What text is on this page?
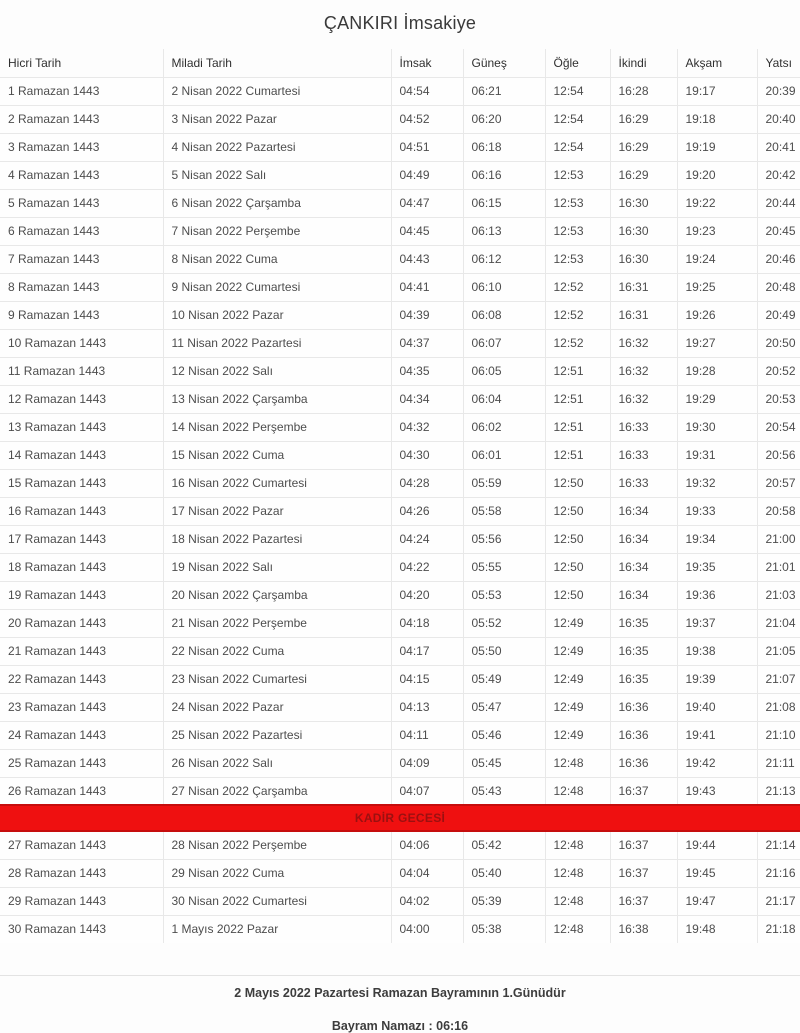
ÇANKIRI İmsakiye
Hicri Tarih	Miladi Tarih	İmsak	Güneş	Öğle	İkindi	Akşam	Yatsı
1 Ramazan 1443	2 Nisan 2022 Cumartesi	04:54	06:21	12:54	16:28	19:17	20:39
2 Ramazan 1443	3 Nisan 2022 Pazar	04:52	06:20	12:54	16:29	19:18	20:40
3 Ramazan 1443	4 Nisan 2022 Pazartesi	04:51	06:18	12:54	16:29	19:19	20:41
4 Ramazan 1443	5 Nisan 2022 Salı	04:49	06:16	12:53	16:29	19:20	20:42
5 Ramazan 1443	6 Nisan 2022 Çarşamba	04:47	06:15	12:53	16:30	19:22	20:44
6 Ramazan 1443	7 Nisan 2022 Perşembe	04:45	06:13	12:53	16:30	19:23	20:45
7 Ramazan 1443	8 Nisan 2022 Cuma	04:43	06:12	12:53	16:30	19:24	20:46
8 Ramazan 1443	9 Nisan 2022 Cumartesi	04:41	06:10	12:52	16:31	19:25	20:48
9 Ramazan 1443	10 Nisan 2022 Pazar	04:39	06:08	12:52	16:31	19:26	20:49
10 Ramazan 1443	11 Nisan 2022 Pazartesi	04:37	06:07	12:52	16:32	19:27	20:50
11 Ramazan 1443	12 Nisan 2022 Salı	04:35	06:05	12:51	16:32	19:28	20:52
12 Ramazan 1443	13 Nisan 2022 Çarşamba	04:34	06:04	12:51	16:32	19:29	20:53
13 Ramazan 1443	14 Nisan 2022 Perşembe	04:32	06:02	12:51	16:33	19:30	20:54
14 Ramazan 1443	15 Nisan 2022 Cuma	04:30	06:01	12:51	16:33	19:31	20:56
15 Ramazan 1443	16 Nisan 2022 Cumartesi	04:28	05:59	12:50	16:33	19:32	20:57
16 Ramazan 1443	17 Nisan 2022 Pazar	04:26	05:58	12:50	16:34	19:33	20:58
17 Ramazan 1443	18 Nisan 2022 Pazartesi	04:24	05:56	12:50	16:34	19:34	21:00
18 Ramazan 1443	19 Nisan 2022 Salı	04:22	05:55	12:50	16:34	19:35	21:01
19 Ramazan 1443	20 Nisan 2022 Çarşamba	04:20	05:53	12:50	16:34	19:36	21:03
20 Ramazan 1443	21 Nisan 2022 Perşembe	04:18	05:52	12:49	16:35	19:37	21:04
21 Ramazan 1443	22 Nisan 2022 Cuma	04:17	05:50	12:49	16:35	19:38	21:05
22 Ramazan 1443	23 Nisan 2022 Cumartesi	04:15	05:49	12:49	16:35	19:39	21:07
23 Ramazan 1443	24 Nisan 2022 Pazar	04:13	05:47	12:49	16:36	19:40	21:08
24 Ramazan 1443	25 Nisan 2022 Pazartesi	04:11	05:46	12:49	16:36	19:41	21:10
25 Ramazan 1443	26 Nisan 2022 Salı	04:09	05:45	12:48	16:36	19:42	21:11
26 Ramazan 1443	27 Nisan 2022 Çarşamba	04:07	05:43	12:48	16:37	19:43	21:13
KADİR GECESİ							
27 Ramazan 1443	28 Nisan 2022 Perşembe	04:06	05:42	12:48	16:37	19:44	21:14
28 Ramazan 1443	29 Nisan 2022 Cuma	04:04	05:40	12:48	16:37	19:45	21:16
29 Ramazan 1443	30 Nisan 2022 Cumartesi	04:02	05:39	12:48	16:37	19:47	21:17
30 Ramazan 1443	1 Mayıs 2022 Pazar	04:00	05:38	12:48	16:38	19:48	21:18
2 Mayıs 2022 Pazartesi Ramazan Bayramının 1.Günüdür
Bayram Namazı : 06:16
